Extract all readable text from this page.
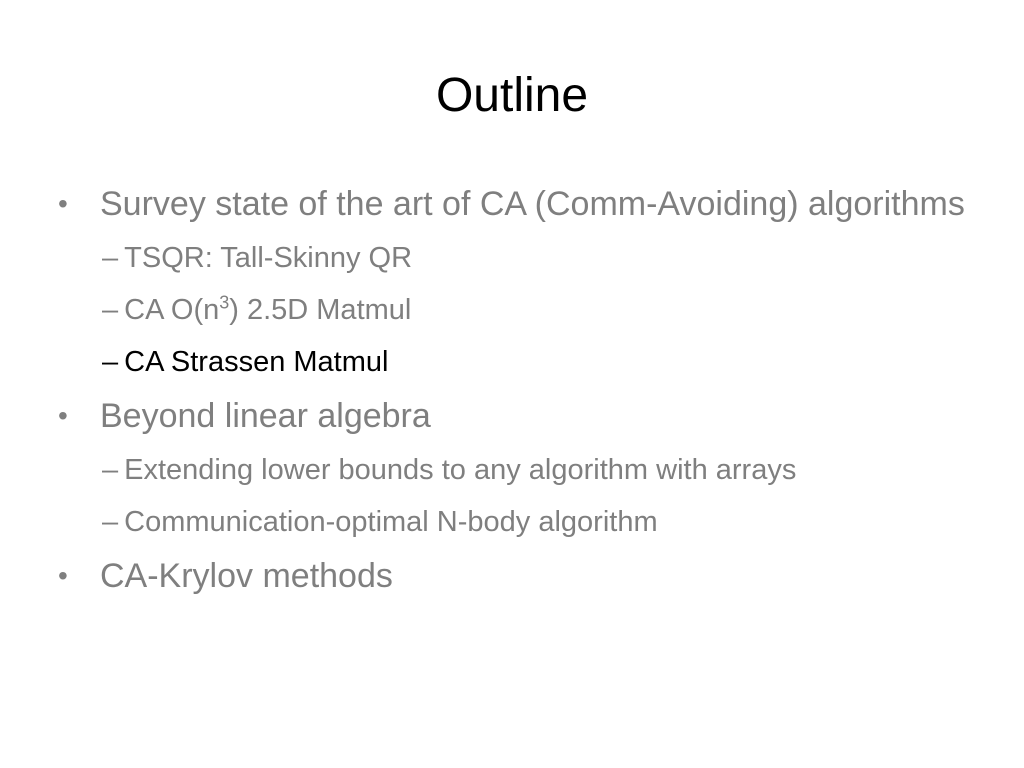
Outline
• Survey state of the art of CA (Comm-Avoiding) algorithms
– TSQR: Tall-Skinny QR
– CA $O(n^3)$ 2.5D Matmul
– CA Strassen Matmul
• Beyond linear algebra
– Extending lower bounds to any algorithm with arrays
– Communication-optimal N-body algorithm
• CA-Krylov methods
